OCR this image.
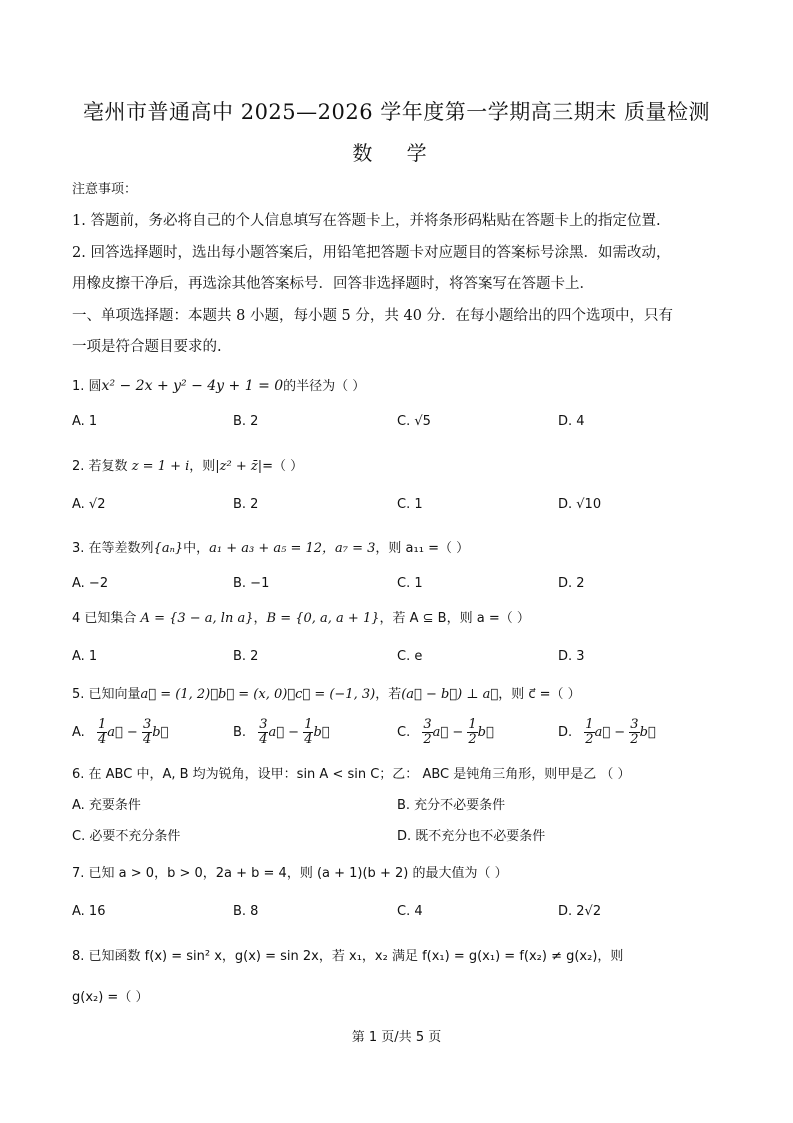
亳州市普通高中 2025—2026 学年度第一学期高三期末 质量检测
数 学
注意事项：
1. 答题前，务必将自己的个人信息填写在答题卡上，并将条形码粘贴在答题卡上的指定位置.
2. 回答选择题时，选出每小题答案后，用铅笔把答题卡对应题目的答案标号涂黑．如需改动，
用橡皮擦干净后，再选涂其他答案标号．回答非选择题时，将答案写在答题卡上．
一、单项选择题：本题共 8 小题，每小题 5 分，共 40 分．在每小题给出的四个选项中，只有
一项是符合题目要求的.
1. 圆x² − 2x + y² − 4y + 1 = 0的半径为（ ）
A. 1	B. 2	C. √5	D. 4
2. 若复数 z = 1 + i，则|z² + z̄|=（ ）
A. √2	B. 2	C. 1	D. √10
3. 在等差数列{aₙ}中，a₁ + a₃ + a₅ = 12，a₇ = 3，则 a₁₁ =（ ）
A. −2	B. −1	C. 1	D. 2
4 已知集合 A = {3 − a, ln a}，B = {0, a, a + 1}，若 A ⊆ B，则 a =（ ）
A. 1	B. 2	C. e	D. 3
5. 已知向量a⃗ = (1, 2)，b⃗ = (x, 0)，c⃗ = (−1, 3)，若(a⃗ − b⃗) ⊥ a⃗，则 c⃗ =（ ）
A. $\frac{1}{4}$ a⃗ − $\frac{3}{4}$ b⃗	B. $\frac{3}{4}$ a⃗ − $\frac{1}{4}$ b⃗	C. $\frac{3}{2}$ a⃗ − $\frac{1}{2}$ b⃗	D. $\frac{1}{2}$ a⃗ − $\frac{3}{2}$ b⃗
6. 在 ABC 中，A, B 均为锐角，设甲：sin A < sin C；乙： ABC 是钝角三角形，则甲是乙 （ ）
A. 充要条件	B. 充分不必要条件
C. 必要不充分条件	D. 既不充分也不必要条件
7. 已知 a > 0，b > 0，2a + b = 4，则 (a + 1)(b + 2) 的最大值为（ ）
A. 16	B. 8	C. 4	D. 2√2
8. 已知函数 f(x) = sin² x，g(x) = sin 2x，若 x₁，x₂ 满足 f(x₁) = g(x₁) = f(x₂) ≠ g(x₂)，则
g(x₂) =（ ）
第 1 页/共 5 页
